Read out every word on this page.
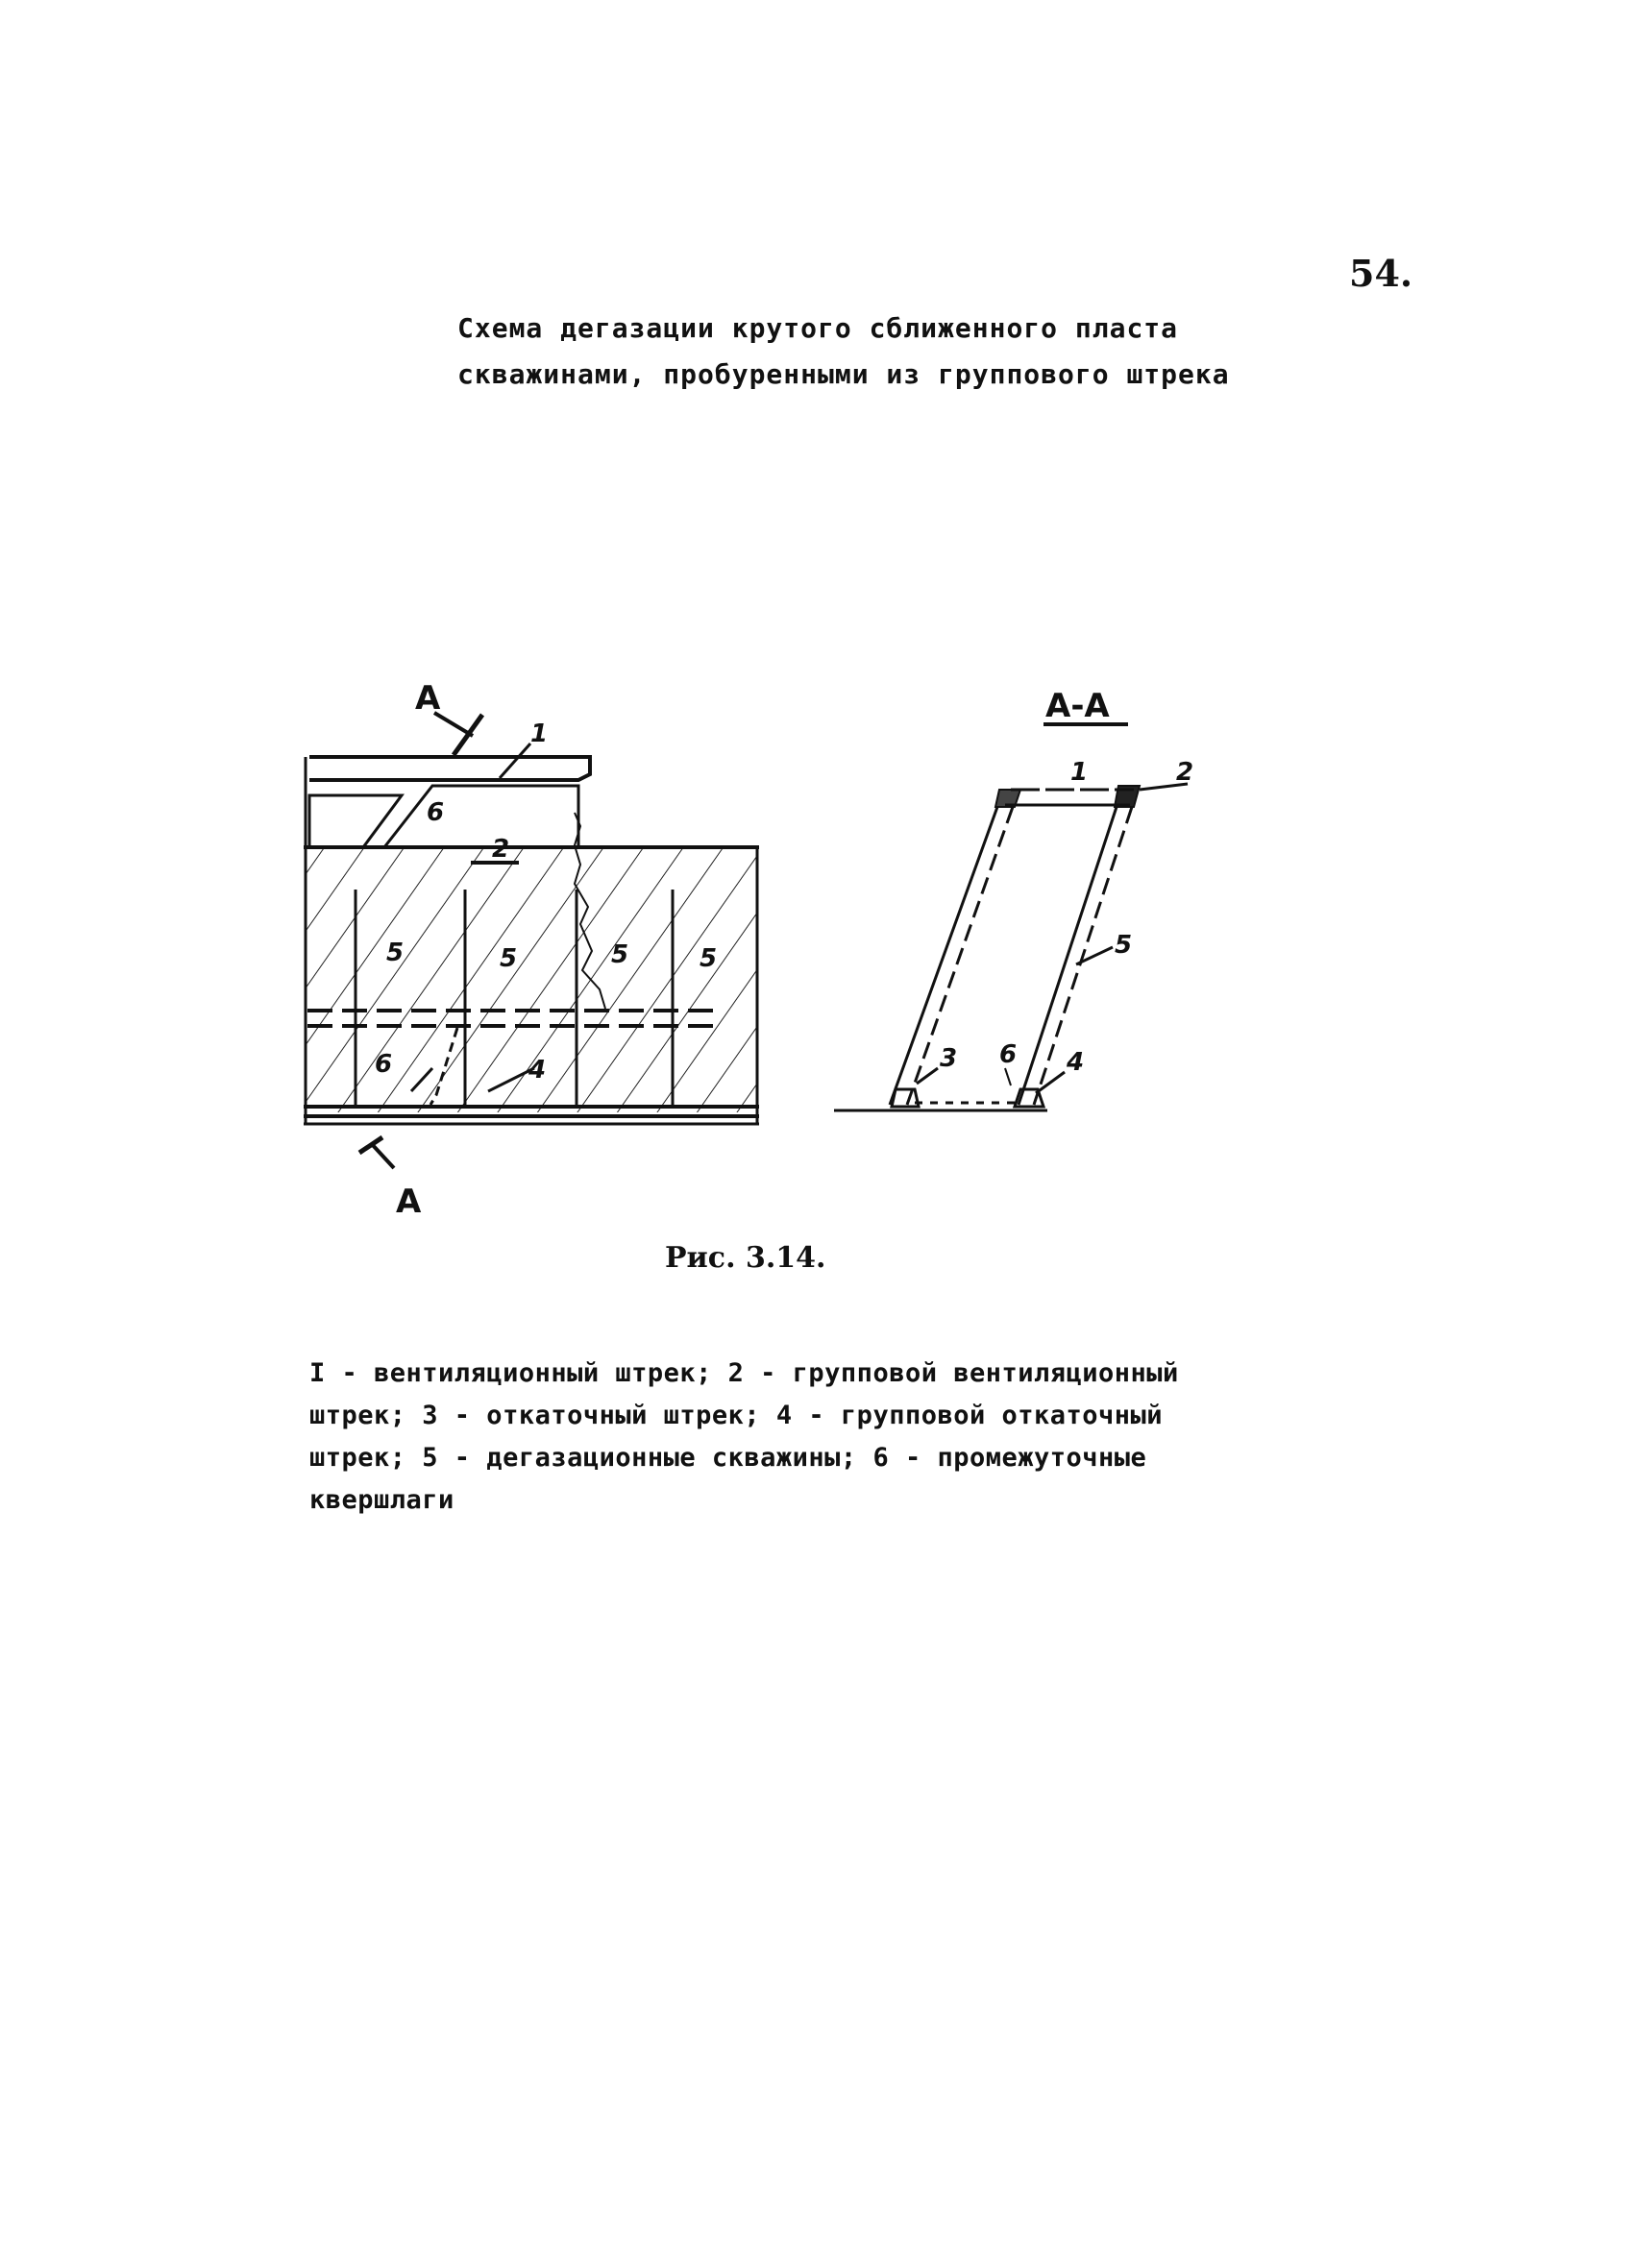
54.
Схема дегазации крутого сближенного пласта
скважинами, пробуренными из группового штрека
A
A
1
6
2
5	5	5	5
6	4
A-A
1	2
5
3 6 4
Рис. 3.14.
I - вентиляционный штрек; 2 - групповой вентиляционный
штрек; 3 - откаточный штрек; 4 - групповой откаточный
штрек; 5 - дегазационные скважины; 6 - промежуточные
квершлаги
